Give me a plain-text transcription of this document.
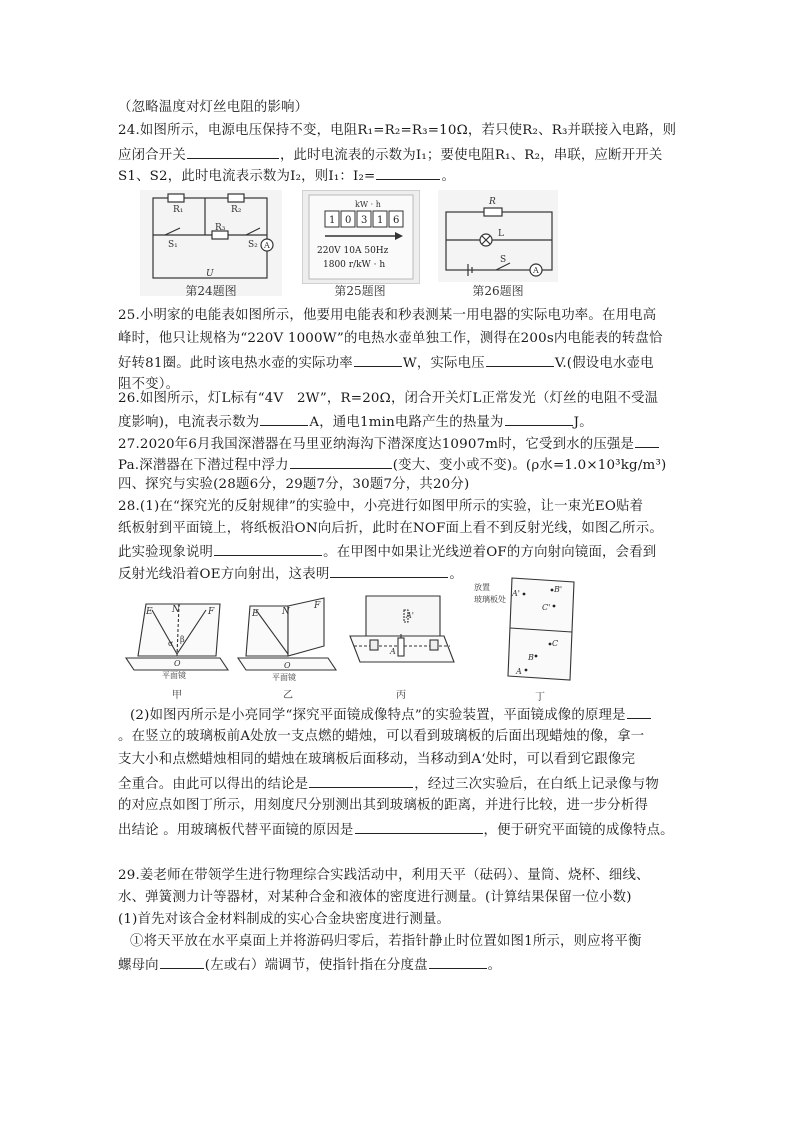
（忽略温度对灯丝电阻的影响）
24.如图所示，电源电压保持不变，电阻R₁=R₂=R₃=10Ω，若只使R₂、R₃并联接入电路，则
应闭合开关	，此时电流表的示数为I₁；要使电阻R₁、R₂，串联，应断开开关
S1、S2，此时电流表示数为I₂，则I₁：I₂=	。
R₁	R₂
R₃
S₁	S₂ A
U
第24题图
kW · h
1 0 3 1 6
220V 10A 50Hz
1800 r/kW · h
第25题图
R
L
S
A
第26题图
25.小明家的电能表如图所示，他要用电能表和秒表测某一用电器的实际电功率。在用电高
峰时，他只让规格为“220V 1000W”的电热水壶单独工作，测得在200s内电能表的转盘恰
好转81圈。此时该电热水壶的实际功率	W，实际电压	V.(假设电水壶电
阻不变）。
26.如图所示，灯L标有“4V　2W”，R=20Ω，闭合开关灯L正常发光（灯丝的电阻不受温
度影响)，电流表示数为	A，通电1min电路产生的热量为	J。
27.2020年6月我国深潜器在马里亚纳海沟下潜深度达10907m时，它受到水的压强是
Pa.深潜器在下潜过程中浮力	(变大、变小或不变)。(ρ水=1.0×10³kg/m³)
四、探究与实验(28题6分，29题7分，30题7分，共20分)
28.(1)在“探究光的反射规律”的实验中，小亮进行如图甲所示的实验，让一束光EO贴着
纸板射到平面镜上，将纸板沿ON向后折，此时在NOF面上看不到反射光线，如图乙所示。
此实验现象说明	。在甲图中如果让光线逆着OF的方向射向镜面，会看到
反射光线沿着OE方向射出，这表明	。
E N	F
α β
O
平面镜
甲
E	N
F
O
平面镜
乙
A'
A
丙
放置
玻璃板处
A'	B'
C'
C
B
A
丁
(2)如图丙所示是小亮同学“探究平面镜成像特点”的实验装置，平面镜成像的原理是
。在竖立的玻璃板前A处放一支点燃的蜡烛，可以看到玻璃板的后面出现蜡烛的像，拿一
支大小和点燃蜡烛相同的蜡烛在玻璃板后面移动，当移动到A‘处时，可以看到它跟像完
全重合。由此可以得出的结论是	，经过三次实验后，在白纸上记录像与物
的对应点如图丁所示，用刻度尺分别测出其到玻璃板的距离，并进行比较，进一步分析得
出结论 。用玻璃板代替平面镜的原因是	，便于研究平面镜的成像特点。
29.姜老师在带领学生进行物理综合实践活动中，利用天平（砝码）、量筒、烧杯、细线、
水、弹簧测力计等器材，对某种合金和液体的密度进行测量。(计算结果保留一位小数)
(1)首先对该合金材料制成的实心合金块密度进行测量。
①将天平放在水平桌面上并将游码归零后，若指针静止时位置如图1所示，则应将平衡
螺母向	(左或右）端调节，使指针指在分度盘	。
